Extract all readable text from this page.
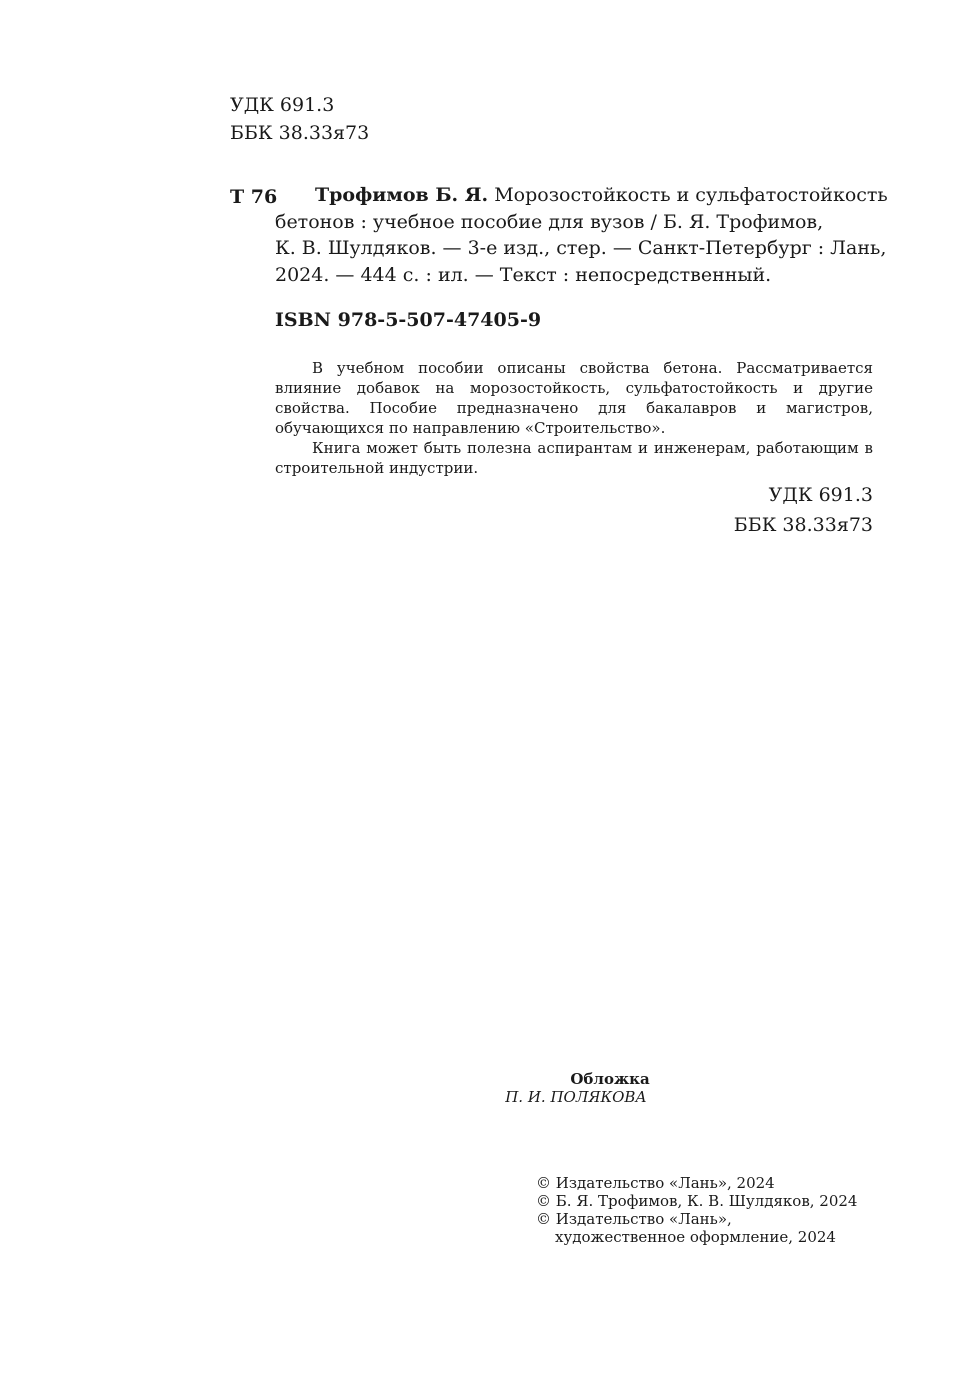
УДК 691.3
ББК 38.33я73
Т 76 Трофимов Б. Я. Морозостойкость и сульфатостойкость
бетонов : учебное пособие для вузов / Б. Я. Трофимов,
К. В. Шулдяков. — 3-е изд., стер. — Санкт-Петербург : Лань,
2024. — 444 с. : ил. — Текст : непосредственный.
ISBN 978-5-507-47405-9

В учебном пособии описаны свойства бетона. Рассматривается влияние добавок на морозостойкость, сульфатостойкость и другие свойства. Пособие предназначено для бакалавров и магистров, обучающихся по направлению «Строительство».

Книга может быть полезна аспирантам и инженерам, работающим в строительной индустрии.

УДК 691.3
ББК 38.33я73
Обложка
П. И. ПОЛЯКОВА
© Издательство «Лань», 2024
© Б. Я. Трофимов, К. В. Шулдяков, 2024
© Издательство «Лань»,
художественное оформление, 2024
